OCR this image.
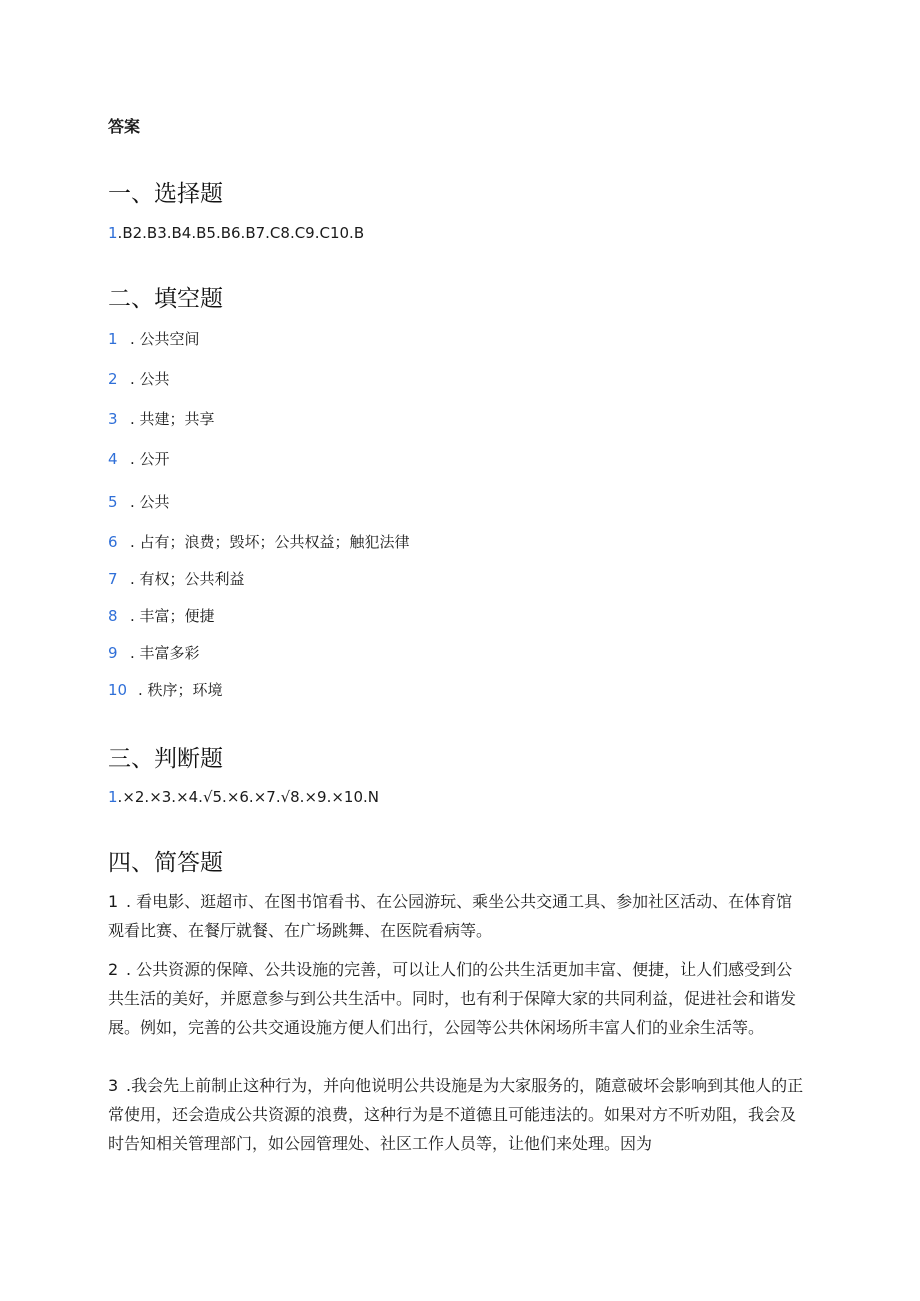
答案
一、选择题
1.B2.B3.B4.B5.B6.B7.C8.C9.C10.B
二、填空题
1 . 公共空间
2 . 公共
3 . 共建；共享
4 . 公开
5 . 公共
6 . 占有；浪费；毁坏；公共权益；触犯法律
7 . 有权；公共利益
8 . 丰富；便捷
9 . 丰富多彩
10 . 秩序；环境
三、判断题
1.×2.×3.×4.√5.×6.×7.√8.×9.×10.N
四、简答题
1 . 看电影、逛超市、在图书馆看书、在公园游玩、乘坐公共交通工具、参加社区活动、在体育馆观看比赛、在餐厅就餐、在广场跳舞、在医院看病等。
2 . 公共资源的保障、公共设施的完善，可以让人们的公共生活更加丰富、便捷，让人们感受到公共生活的美好，并愿意参与到公共生活中。同时，也有利于保障大家的共同利益，促进社会和谐发展。例如，完善的公共交通设施方便人们出行，公园等公共休闲场所丰富人们的业余生活等。
3 .我会先上前制止这种行为，并向他说明公共设施是为大家服务的，随意破坏会影响到其他人的正常使用，还会造成公共资源的浪费，这种行为是不道德且可能违法的。如果对方不听劝阻，我会及时告知相关管理部门，如公园管理处、社区工作人员等，让他们来处理。因为
